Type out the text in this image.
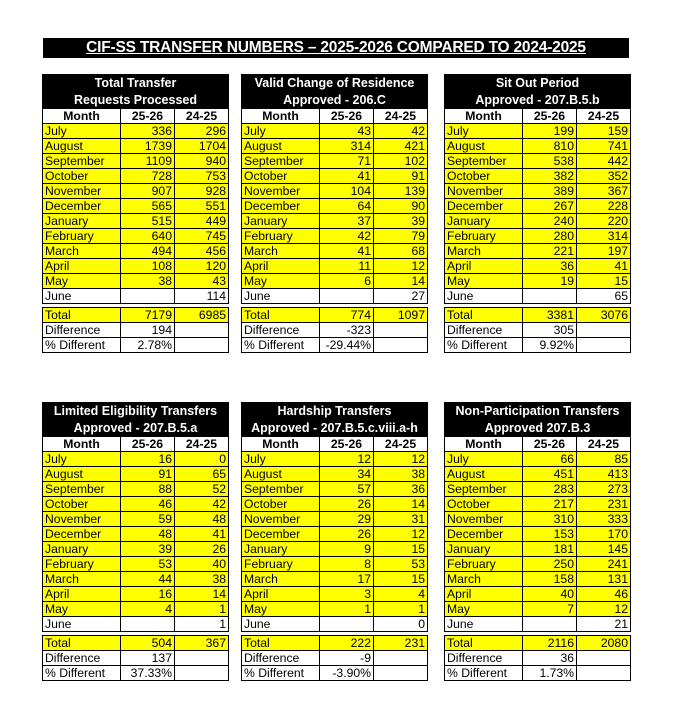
CIF-SS TRANSFER NUMBERS – 2025-2026 COMPARED TO 2024-2025
Total Transfer		
Requests Processed		
Month	25-26	24-25
July	336	296
August	1739	1704
September	1109	940
October	728	753
November	907	928
December	565	551
January	515	449
February	640	745
March	494	456
April	108	120
May	38	43
June		114

Total	7179	6985
Difference	194	
% Different	2.78%	
Valid Change of Residence		
Approved - 206.C		
Month	25-26	24-25
July	43	42
August	314	421
September	71	102
October	41	91
November	104	139
December	64	90
January	37	39
February	42	79
March	41	68
April	11	12
May	6	14
June		27

Total	774	1097
Difference	-323	
% Different	-29.44%	
Sit Out Period		
Approved - 207.B.5.b		
Month	25-26	24-25
July	199	159
August	810	741
September	538	442
October	382	352
November	389	367
December	267	228
January	240	220
February	280	314
March	221	197
April	36	41
May	19	15
June		65

Total	3381	3076
Difference	305	
% Different	9.92%	
Limited Eligibility Transfers		
Approved - 207.B.5.a		
Month	25-26	24-25
July	16	0
August	91	65
September	88	52
October	46	42
November	59	48
December	48	41
January	39	26
February	53	40
March	44	38
April	16	14
May	4	1
June		1

Total	504	367
Difference	137	
% Different	37.33%	
Hardship Transfers		
Approved - 207.B.5.c.viii.a-h		
Month	25-26	24-25
July	12	12
August	34	38
September	57	36
October	26	14
November	29	31
December	26	12
January	9	15
February	8	53
March	17	15
April	3	4
May	1	1
June		0

Total	222	231
Difference	-9	
% Different	-3.90%	
Non-Participation Transfers		
Approved 207.B.3		
Month	25-26	24-25
July	66	85
August	451	413
September	283	273
October	217	231
November	310	333
December	153	170
January	181	145
February	250	241
March	158	131
April	40	46
May	7	12
June		21

Total	2116	2080
Difference	36	
% Different	1.73%	
